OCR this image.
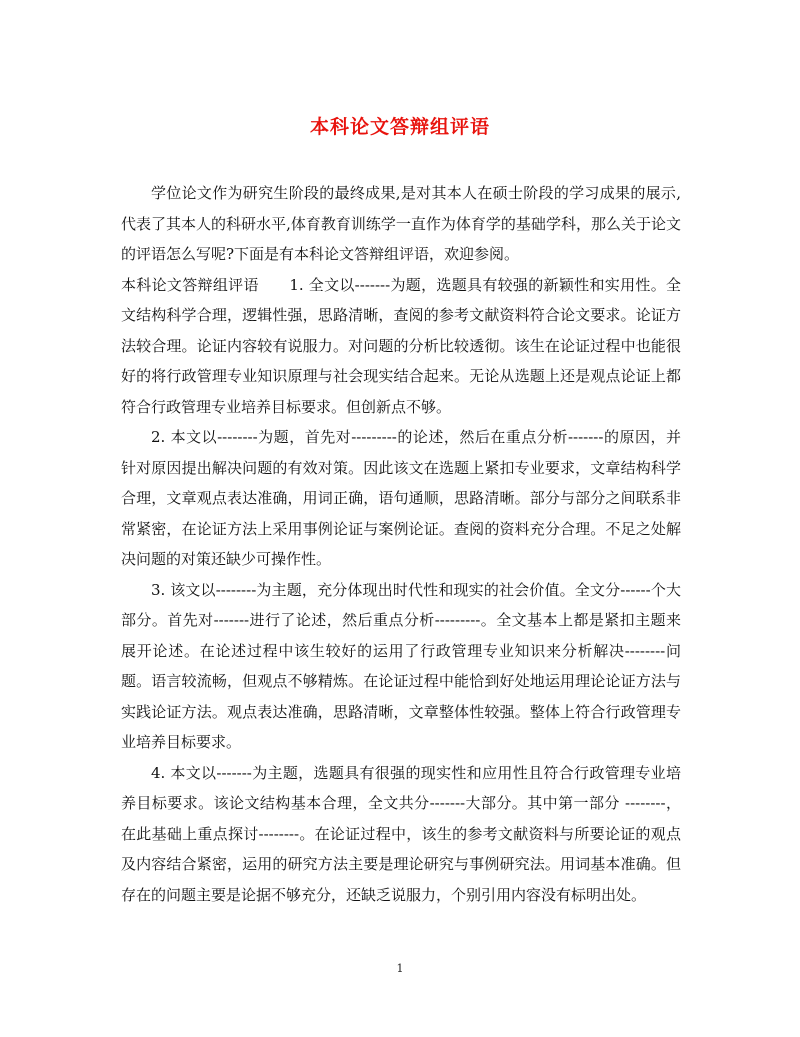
本科论文答辩组评语

学位论文作为研究生阶段的最终成果,是对其本人在硕士阶段的学习成果的展示,代表了其本人的科研水平,体育教育训练学一直作为体育学的基础学科，那么关于论文的评语怎么写呢?下面是有本科论文答辩组评语，欢迎参阅。

本科论文答辩组评语　　1. 全文以-------为题，选题具有较强的新颖性和实用性。全文结构科学合理，逻辑性强，思路清晰，查阅的参考文献资料符合论文要求。论证方法较合理。论证内容较有说服力。对问题的分析比较透彻。该生在论证过程中也能很好的将行政管理专业知识原理与社会现实结合起来。无论从选题上还是观点论证上都符合行政管理专业培养目标要求。但创新点不够。

2. 本文以--------为题，首先对---------的论述，然后在重点分析-------的原因，并针对原因提出解决问题的有效对策。因此该文在选题上紧扣专业要求，文章结构科学合理，文章观点表达准确，用词正确，语句通顺，思路清晰。部分与部分之间联系非常紧密，在论证方法上采用事例论证与案例论证。查阅的资料充分合理。不足之处解决问题的对策还缺少可操作性。

3. 该文以--------为主题，充分体现出时代性和现实的社会价值。全文分------个大部分。首先对-------进行了论述，然后重点分析---------。全文基本上都是紧扣主题来展开论述。在论述过程中该生较好的运用了行政管理专业知识来分析解决--------问题。语言较流畅，但观点不够精炼。在论证过程中能恰到好处地运用理论论证方法与实践论证方法。观点表达准确，思路清晰，文章整体性较强。整体上符合行政管理专业培养目标要求。

4. 本文以-------为主题，选题具有很强的现实性和应用性且符合行政管理专业培养目标要求。该论文结构基本合理，全文共分-------大部分。其中第一部分 --------，在此基础上重点探讨--------。在论证过程中，该生的参考文献资料与所要论证的观点及内容结合紧密，运用的研究方法主要是理论研究与事例研究法。用词基本准确。但存在的问题主要是论据不够充分，还缺乏说服力，个别引用内容没有标明出处。

1
